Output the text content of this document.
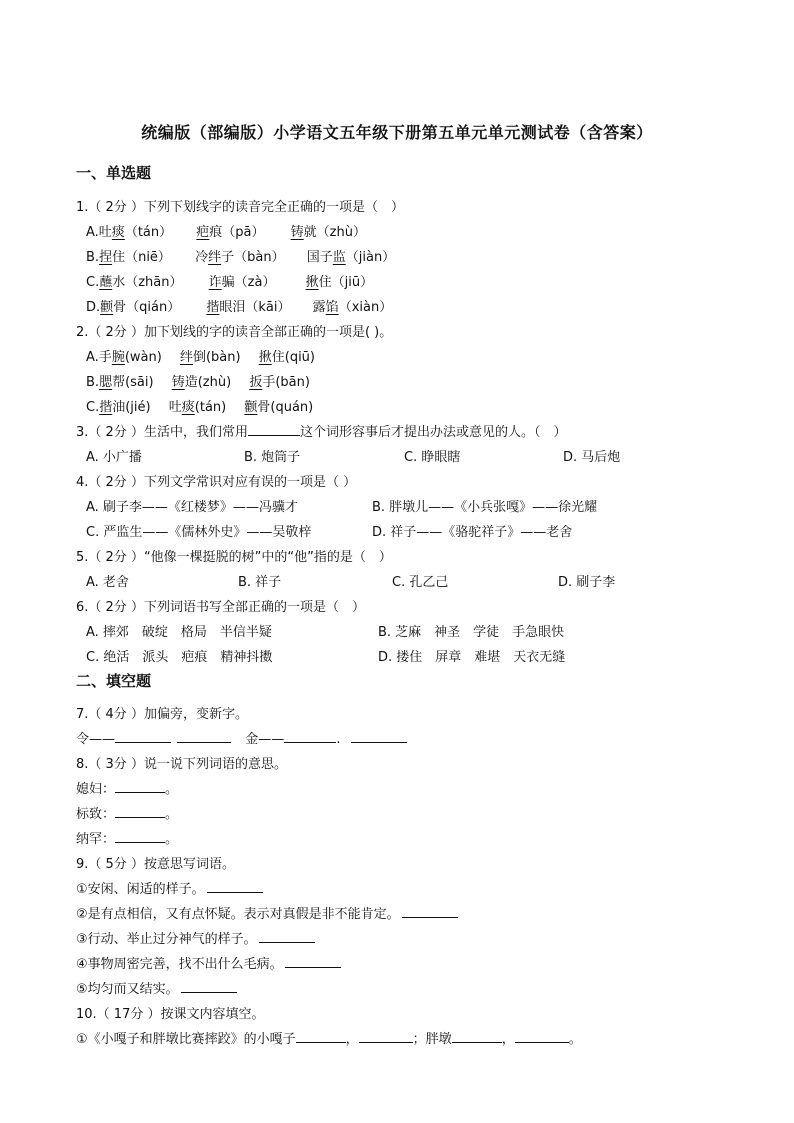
统编版（部编版）小学语文五年级下册第五单元单元测试卷（含答案）
一、单选题
1.（ 2分 ）下列下划线字的读音完全正确的一项是（　）
A.吐痰（tán） 疤痕（pā） 铸就（zhù）
B.捏住（niē） 冷绊子（bàn） 国子监（jiàn）
C.蘸水（zhān） 诈骗（zà） 揪住（jiū）
D.颧骨（qián） 揩眼泪（kāi） 露馅（xiàn）
2.（ 2分 ）加下划线的字的读音全部正确的一项是( )。
A.手腕(wàn) 绊倒(bàn) 揪住(qiū)
B.腮帮(sāi) 铸造(zhù) 扳手(bān)
C.揩油(jié) 吐痰(tán) 颧骨(quán)
3.（ 2分 ）生活中，我们常用	这个词形容事后才提出办法或意见的人。（　）
A. 小广播	B. 炮筒子	C. 睁眼瞎	D. 马后炮
4.（ 2分 ）下列文学常识对应有误的一项是（ ）
A. 刷子李——《红楼梦》——冯骥才	B. 胖墩儿——《小兵张嘎》——徐光耀
C. 严监生——《儒林外史》——吴敬梓	D. 祥子——《骆驼祥子》——老舍
5.（ 2分 ）“他像一棵挺脱的树”中的“他”指的是（　）
A. 老舍	B. 祥子	C. 孔乙己	D. 刷子李
6.（ 2分 ）下列词语书写全部正确的一项是（　）
A. 摔郊　破绽　格局　半信半疑	B. 芝麻　神圣　学徒　手急眼快
C. 绝活　派头　疤痕　精神抖擞	D. 搂住　屏章　难堪　天衣无缝
二、填空题
7.（ 4分 ）加偏旁，变新字。
令——	金——	.
8.（ 3分 ）说一说下列词语的意思。
媳妇：	。
标致：	。
纳罕：	。
9.（ 5分 ）按意思写词语。
①安闲、闲适的样子。
②是有点相信，又有点怀疑。表示对真假是非不能肯定。
③行动、举止过分神气的样子。
④事物周密完善，找不出什么毛病。
⑤均匀而又结实。
10.（ 17分 ）按课文内容填空。
①《小嘎子和胖墩比赛摔跤》的小嘎子	，	；胖墩	，	。
